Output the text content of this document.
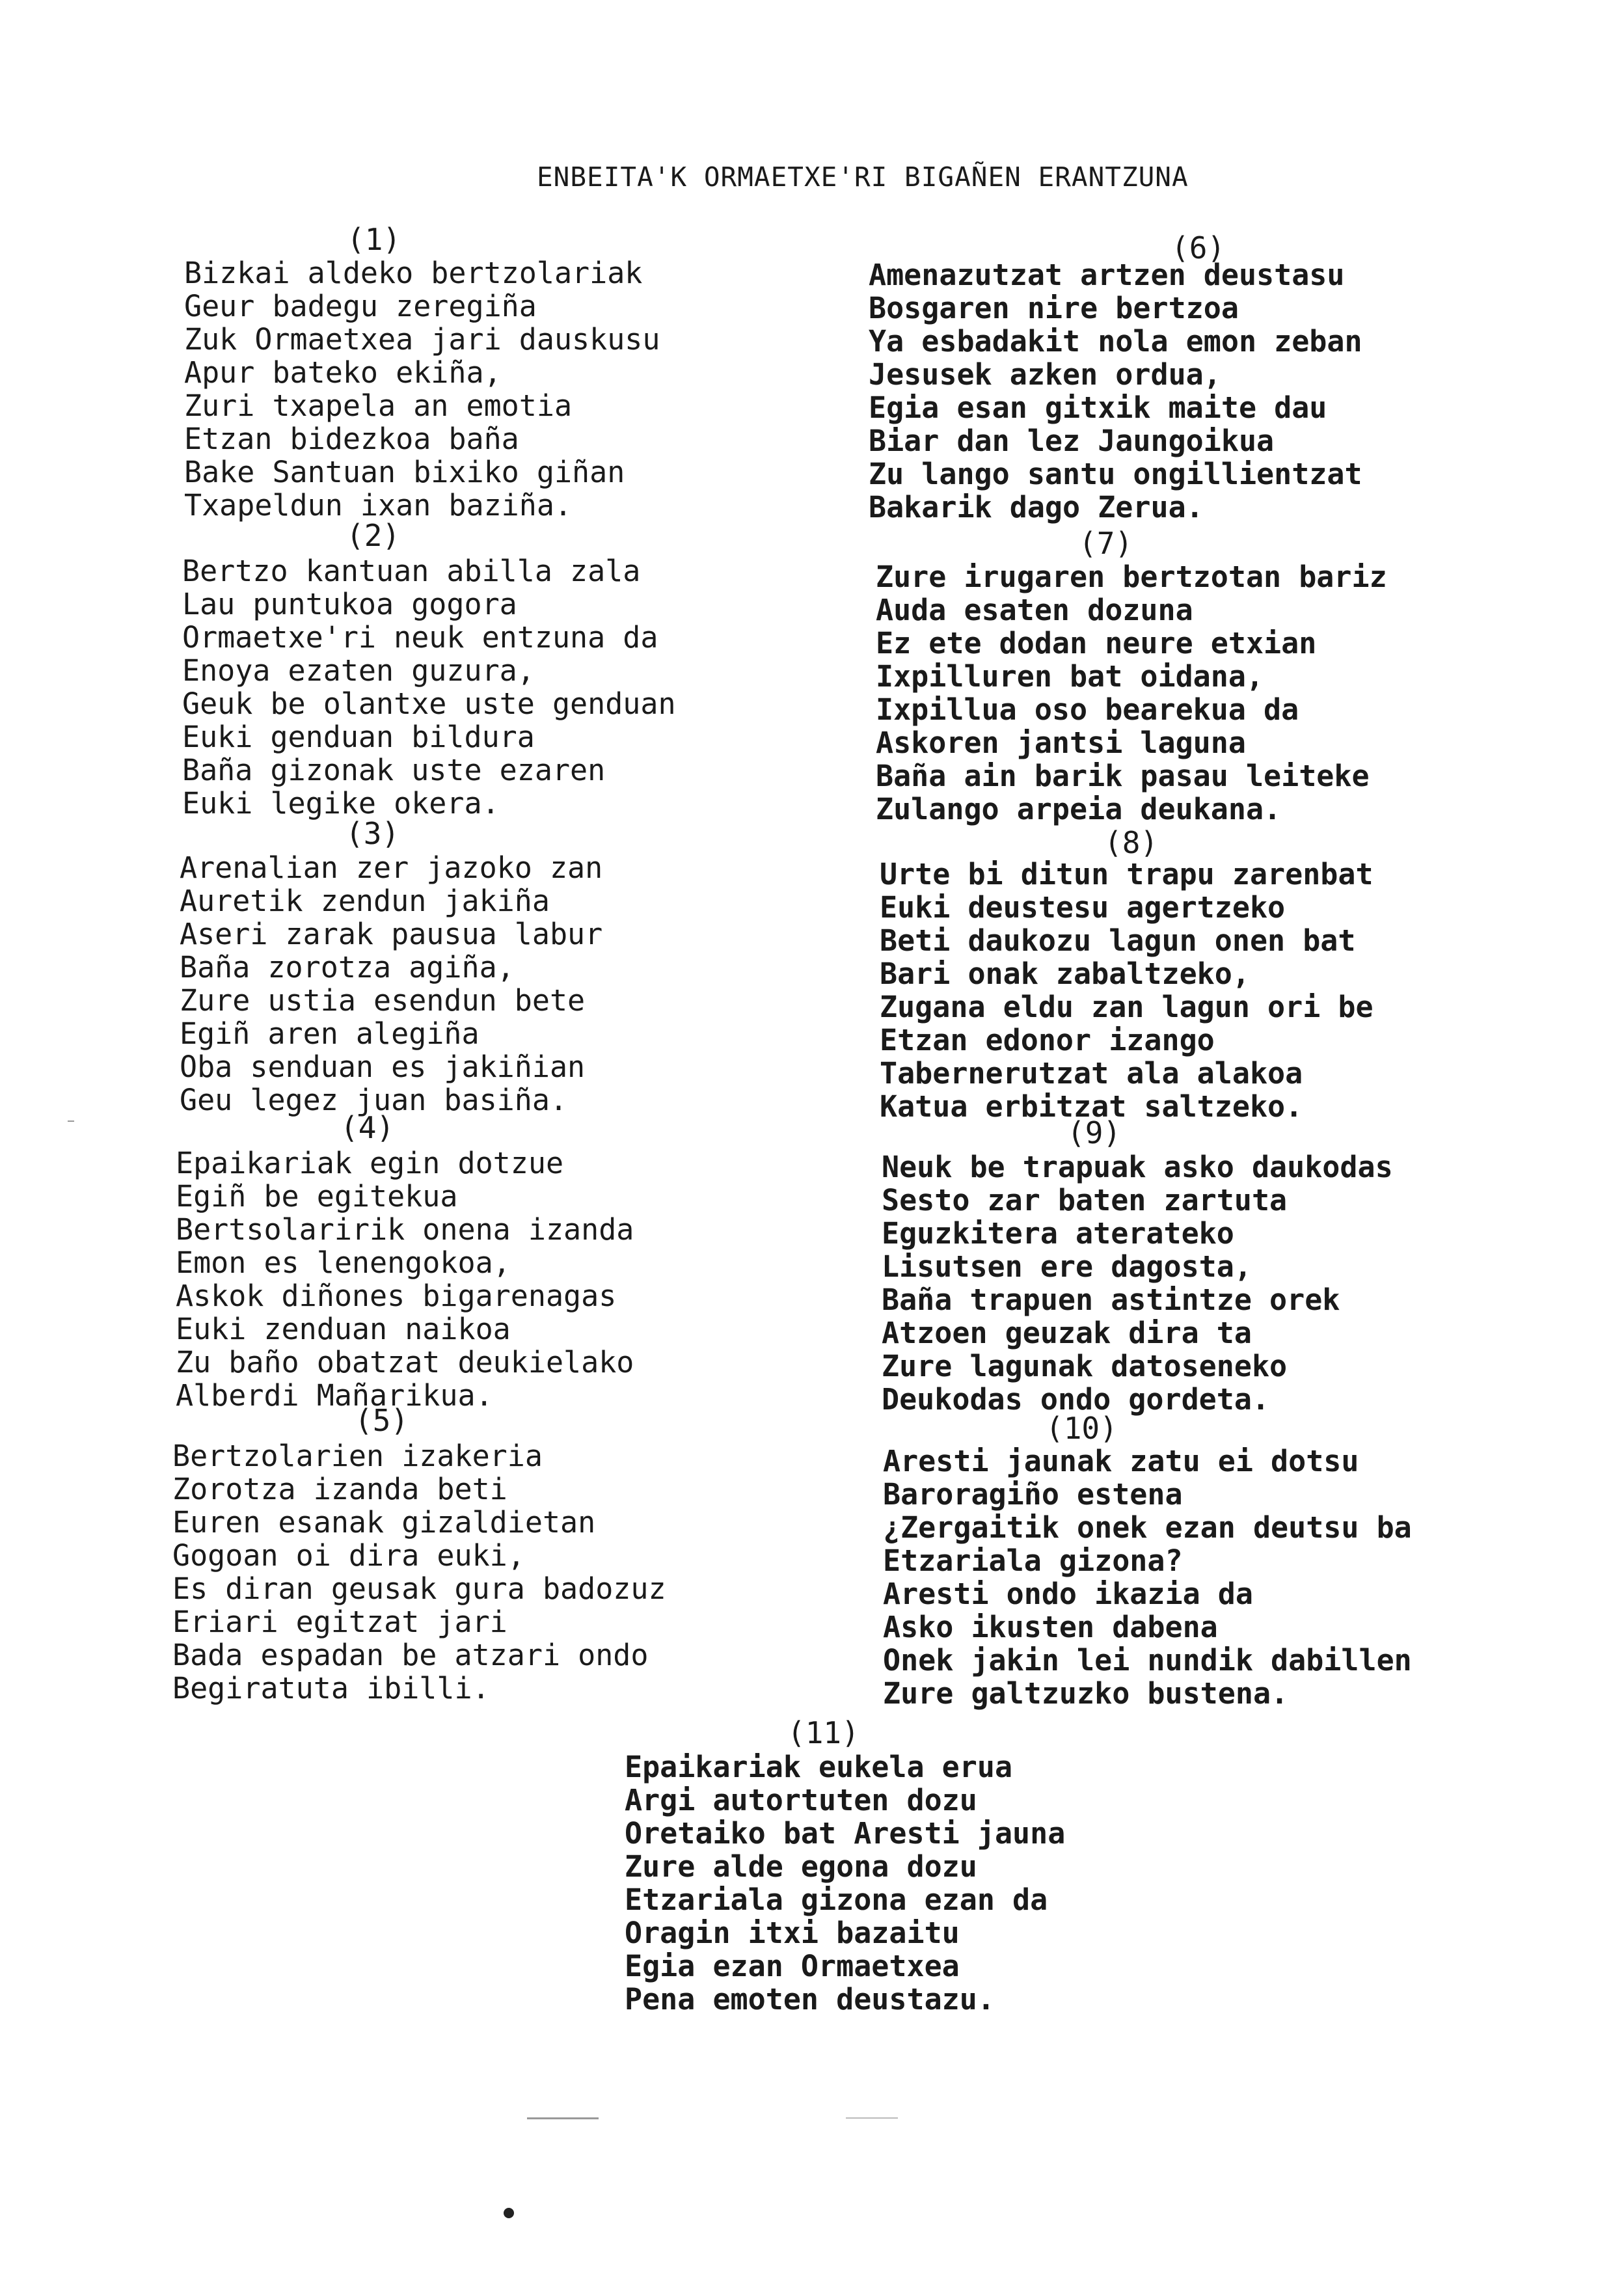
ENBEITA'K ORMAETXE'RI BIGAÑEN ERANTZUNA
(1)
Bizkai aldeko bertzolariak
Geur badegu zeregiña
Zuk Ormaetxea jari dauskusu
Apur bateko ekiña,
Zuri txapela an emotia
Etzan bidezkoa baña
Bake Santuan bixiko giñan
Txapeldun ixan baziña.
(2)
Bertzo kantuan abilla zala
Lau puntukoa gogora
Ormaetxe'ri neuk entzuna da
Enoya ezaten guzura,
Geuk be olantxe uste genduan
Euki genduan bildura
Baña gizonak uste ezaren
Euki legike okera.
(3)
Arenalian zer jazoko zan
Auretik zendun jakiña
Aseri zarak pausua labur
Baña zorotza agiña,
Zure ustia esendun bete
Egiñ aren alegiña
Oba senduan es jakiñian
Geu legez juan basiña.
(4)
Epaikariak egin dotzue
Egiñ be egitekua
Bertsolaririk onena izanda
Emon es lenengokoa,
Askok diñones bigarenagas
Euki zenduan naikoa
Zu baño obatzat deukielako
Alberdi Mañarikua.
(5)
Bertzolarien izakeria
Zorotza izanda beti
Euren esanak gizaldietan
Gogoan oi dira euki,
Es diran geusak gura badozuz
Eriari egitzat jari
Bada espadan be atzari ondo
Begiratuta ibilli.
(6)
Amenazutzat artzen deustasu
Bosgaren nire bertzoa
Ya esbadakit nola emon zeban
Jesusek azken ordua,
Egia esan gitxik maite dau
Biar dan lez Jaungoikua
Zu lango santu ongillientzat
Bakarik dago Zerua.
(7)
Zure irugaren bertzotan bariz
Auda esaten dozuna
Ez ete dodan neure etxian
Ixpilluren bat oidana,
Ixpillua oso bearekua da
Askoren jantsi laguna
Baña ain barik pasau leiteke
Zulango arpeia deukana.
(8)
Urte bi ditun trapu zarenbat
Euki deustesu agertzeko
Beti daukozu lagun onen bat
Bari onak zabaltzeko,
Zugana eldu zan lagun ori be
Etzan edonor izango
Tabernerutzat ala alakoa
Katua erbitzat saltzeko.
(9)
Neuk be trapuak asko daukodas
Sesto zar baten zartuta
Eguzkitera aterateko
Lisutsen ere dagosta,
Baña trapuen astintze orek
Atzoen geuzak dira ta
Zure lagunak datoseneko
Deukodas ondo gordeta.
(10)
Aresti jaunak zatu ei dotsu
Baroragiño estena
¿Zergaitik onek ezan deutsu ba
Etzariala gizona?
Aresti ondo ikazia da
Asko ikusten dabena
Onek jakin lei nundik dabillen
Zure galtzuzko bustena.
(11)
Epaikariak eukela erua
Argi autortuten dozu
Oretaiko bat Aresti jauna
Zure alde egona dozu
Etzariala gizona ezan da
Oragin itxi bazaitu
Egia ezan Ormaetxea
Pena emoten deustazu.
